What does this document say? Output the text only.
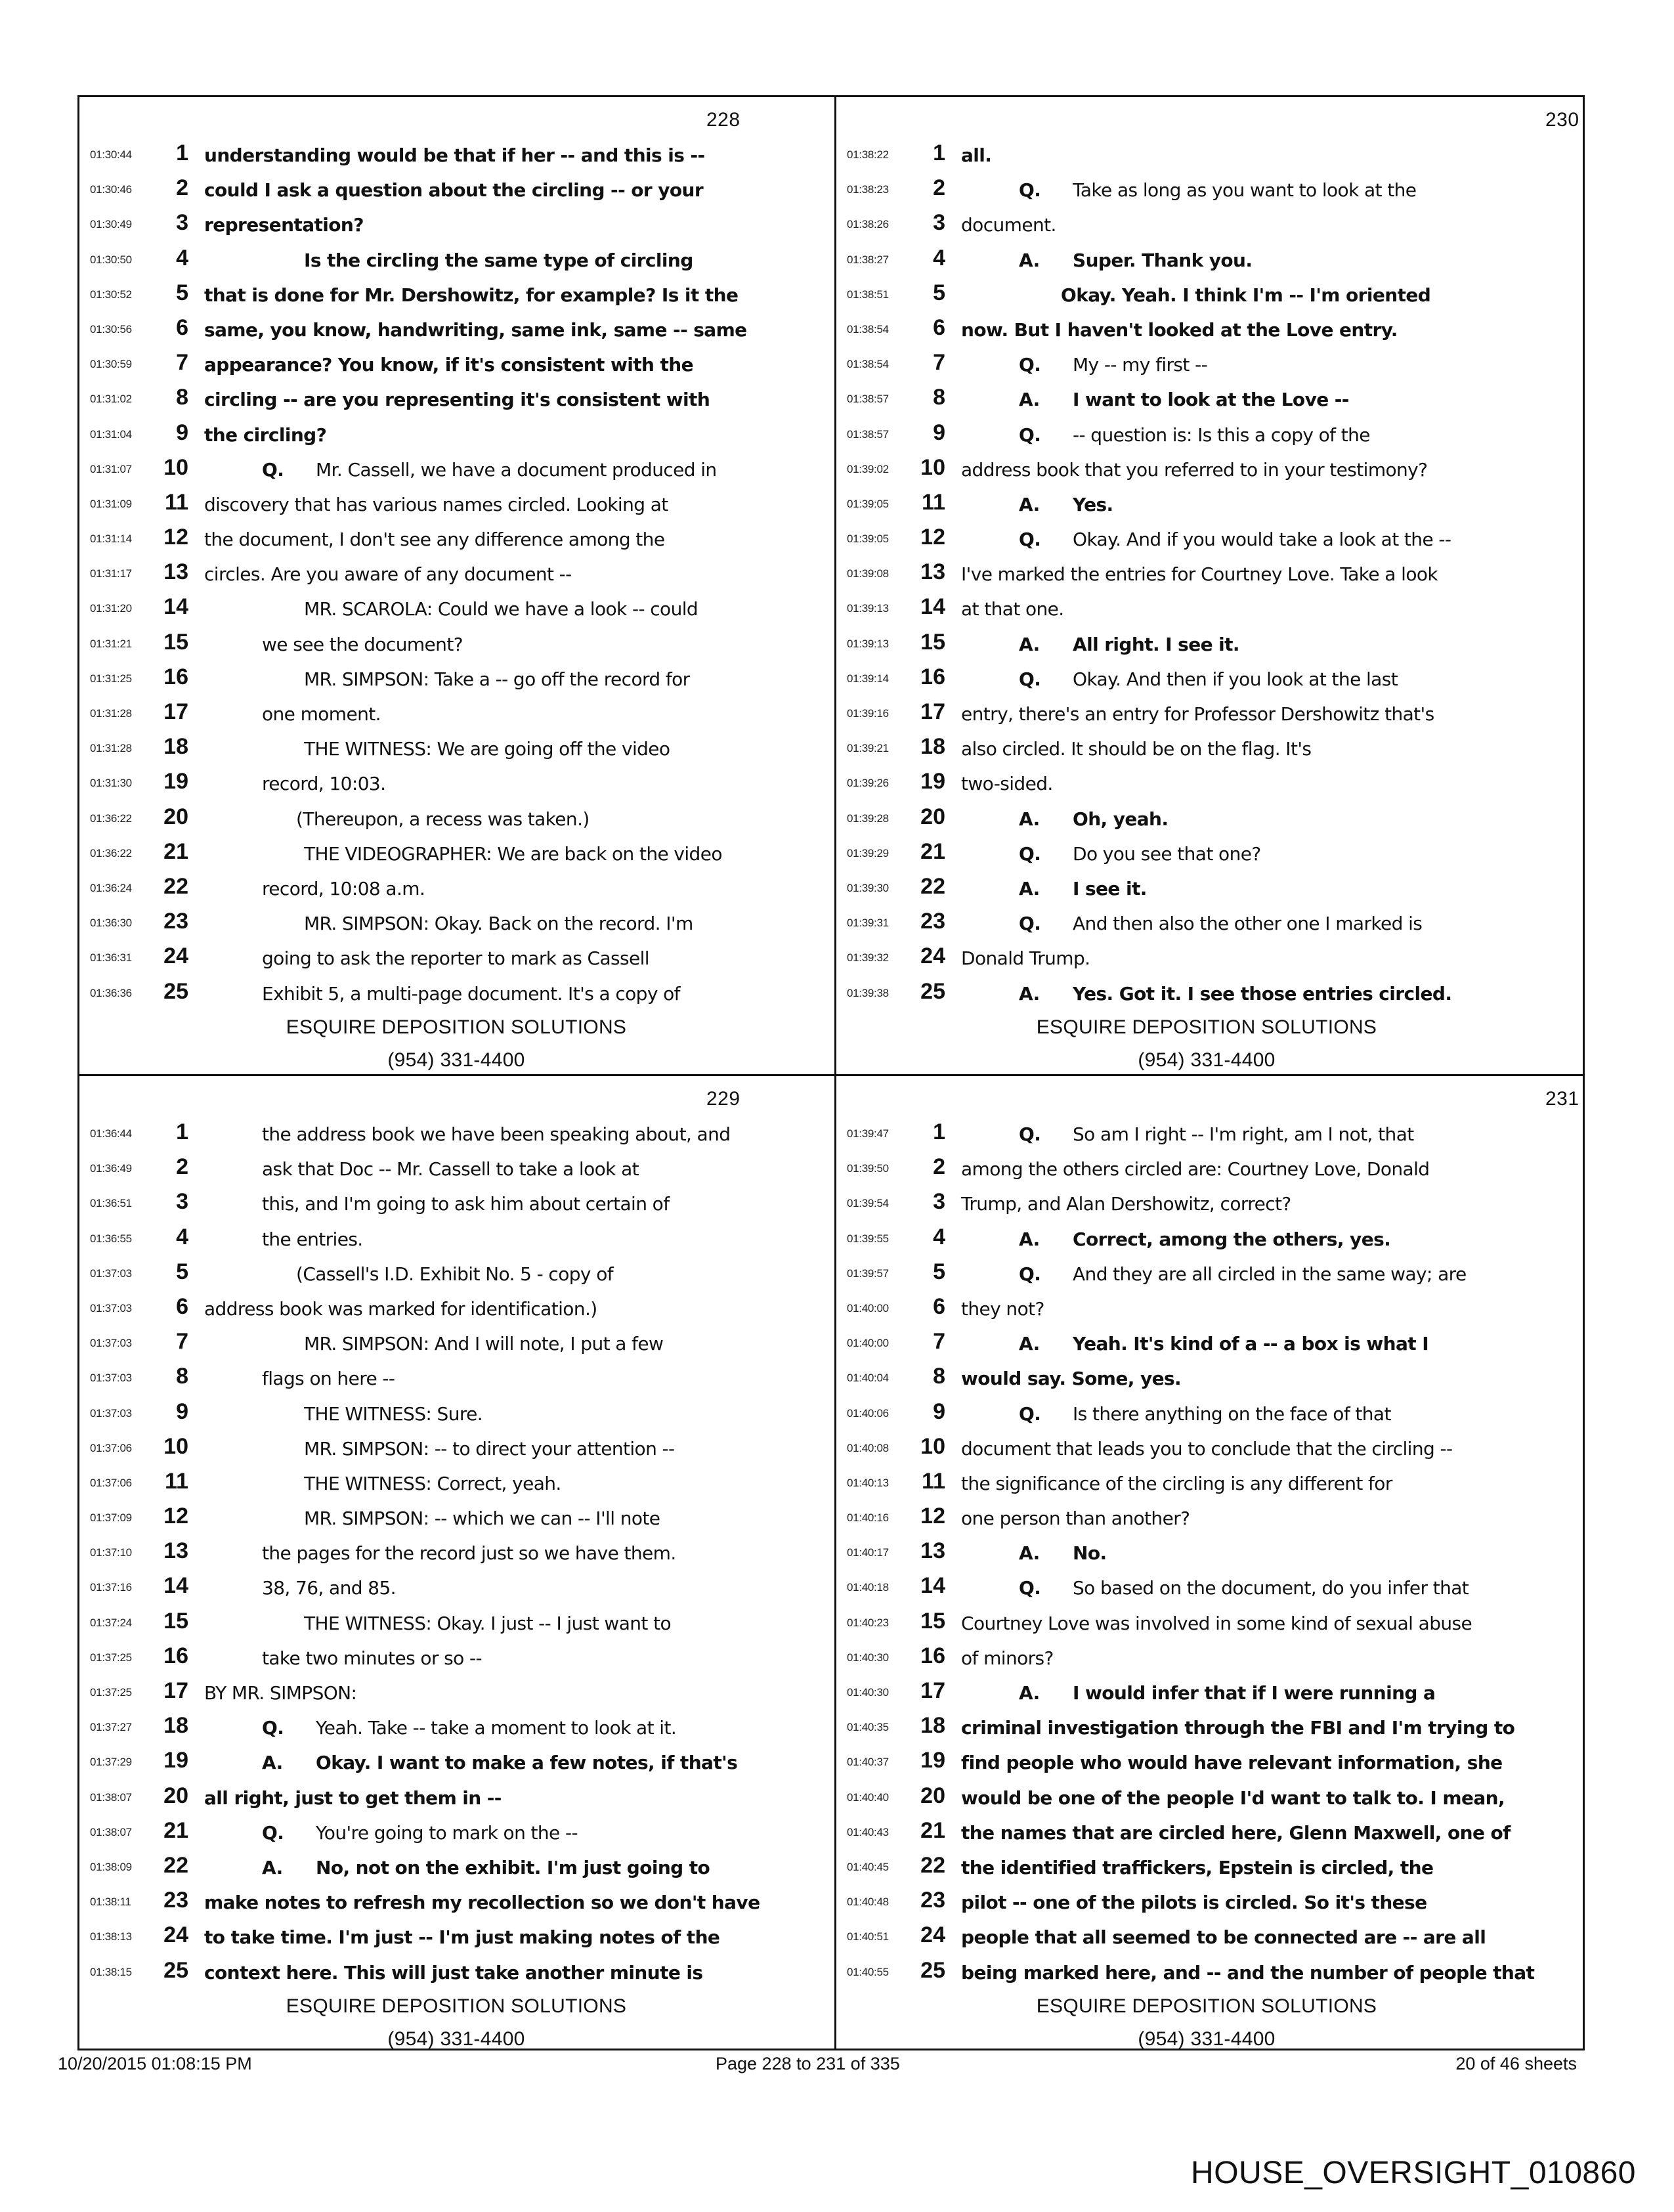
228
01:30:44	1 understanding would be that if her -- and this is --
01:30:46	2 could I ask a question about the circling -- or your
01:30:49	3 representation?
01:30:50	4	Is the circling the same type of circling
01:30:52	5 that is done for Mr. Dershowitz, for example? Is it the
01:30:56	6 same, you know, handwriting, same ink, same -- same
01:30:59	7 appearance? You know, if it's consistent with the
01:31:02	8 circling -- are you representing it's consistent with
01:31:04	9 the circling?
01:31:07 10	Q. Mr. Cassell, we have a document produced in
01:31:09 11 discovery that has various names circled. Looking at
01:31:14 12 the document, I don't see any difference among the
01:31:17 13 circles. Are you aware of any document --
01:31:20 14	MR. SCAROLA: Could we have a look -- could
01:31:21 15	we see the document?
01:31:25 16	MR. SIMPSON: Take a -- go off the record for
01:31:28 17	one moment.
01:31:28 18	THE WITNESS: We are going off the video
01:31:30 19	record, 10:03.
01:36:22 20	(Thereupon, a recess was taken.)
01:36:22 21	THE VIDEOGRAPHER: We are back on the video
01:36:24 22	record, 10:08 a.m.
01:36:30 23	MR. SIMPSON: Okay. Back on the record. I'm
01:36:31 24	going to ask the reporter to mark as Cassell
01:36:36 25	Exhibit 5, a multi-page document. It's a copy of
ESQUIRE DEPOSITION SOLUTIONS
(954) 331-4400
230
01:38:22	1 all.
01:38:23	2	Q. Take as long as you want to look at the
01:38:26	3 document.
01:38:27	4	A. Super. Thank you.
01:38:51	5	Okay. Yeah. I think I'm -- I'm oriented
01:38:54	6 now. But I haven't looked at the Love entry.
01:38:54	7	Q. My -- my first --
01:38:57	8	A. I want to look at the Love --
01:38:57	9	Q. -- question is: Is this a copy of the
01:39:02 10 address book that you referred to in your testimony?
01:39:05 11	A. Yes.
01:39:05 12	Q. Okay. And if you would take a look at the --
01:39:08 13 I've marked the entries for Courtney Love. Take a look
01:39:13 14 at that one.
01:39:13 15	A. All right. I see it.
01:39:14 16	Q. Okay. And then if you look at the last
01:39:16 17 entry, there's an entry for Professor Dershowitz that's
01:39:21 18 also circled. It should be on the flag. It's
01:39:26 19 two-sided.
01:39:28 20	A. Oh, yeah.
01:39:29 21	Q. Do you see that one?
01:39:30 22	A. I see it.
01:39:31 23	Q. And then also the other one I marked is
01:39:32 24 Donald Trump.
01:39:38 25	A. Yes. Got it. I see those entries circled.
ESQUIRE DEPOSITION SOLUTIONS
(954) 331-4400
229
01:36:44	1	the address book we have been speaking about, and
01:36:49	2	ask that Doc -- Mr. Cassell to take a look at
01:36:51	3	this, and I'm going to ask him about certain of
01:36:55	4	the entries.
01:37:03	5	(Cassell's I.D. Exhibit No. 5 - copy of
01:37:03	6 address book was marked for identification.)
01:37:03	7	MR. SIMPSON: And I will note, I put a few
01:37:03	8	flags on here --
01:37:03	9	THE WITNESS: Sure.
01:37:06 10	MR. SIMPSON: -- to direct your attention --
01:37:06 11	THE WITNESS: Correct, yeah.
01:37:09 12	MR. SIMPSON: -- which we can -- I'll note
01:37:10 13	the pages for the record just so we have them.
01:37:16 14	38, 76, and 85.
01:37:24 15	THE WITNESS: Okay. I just -- I just want to
01:37:25 16	take two minutes or so --
01:37:25 17 BY MR. SIMPSON:
01:37:27 18	Q. Yeah. Take -- take a moment to look at it.
01:37:29 19	A. Okay. I want to make a few notes, if that's
01:38:07 20 all right, just to get them in --
01:38:07 21	Q. You're going to mark on the --
01:38:09 22	A. No, not on the exhibit. I'm just going to
01:38:11 23 make notes to refresh my recollection so we don't have
01:38:13 24 to take time. I'm just -- I'm just making notes of the
01:38:15 25 context here. This will just take another minute is
ESQUIRE DEPOSITION SOLUTIONS
(954) 331-4400
231
01:39:47	1	Q. So am I right -- I'm right, am I not, that
01:39:50	2 among the others circled are: Courtney Love, Donald
01:39:54	3 Trump, and Alan Dershowitz, correct?
01:39:55	4	A. Correct, among the others, yes.
01:39:57	5	Q. And they are all circled in the same way; are
01:40:00	6 they not?
01:40:00	7	A. Yeah. It's kind of a -- a box is what I
01:40:04	8 would say. Some, yes.
01:40:06	9	Q. Is there anything on the face of that
01:40:08 10 document that leads you to conclude that the circling --
01:40:13 11 the significance of the circling is any different for
01:40:16 12 one person than another?
01:40:17 13	A. No.
01:40:18 14	Q. So based on the document, do you infer that
01:40:23 15 Courtney Love was involved in some kind of sexual abuse
01:40:30 16 of minors?
01:40:30 17	A. I would infer that if I were running a
01:40:35 18 criminal investigation through the FBI and I'm trying to
01:40:37 19 find people who would have relevant information, she
01:40:40 20 would be one of the people I'd want to talk to. I mean,
01:40:43 21 the names that are circled here, Glenn Maxwell, one of
01:40:45 22 the identified traffickers, Epstein is circled, the
01:40:48 23 pilot -- one of the pilots is circled. So it's these
01:40:51 24 people that all seemed to be connected are -- are all
01:40:55 25 being marked here, and -- and the number of people that
ESQUIRE DEPOSITION SOLUTIONS
(954) 331-4400
10/20/2015 01:08:15 PM	Page 228 to 231 of 335	20 of 46 sheets
HOUSE_OVERSIGHT_010860
